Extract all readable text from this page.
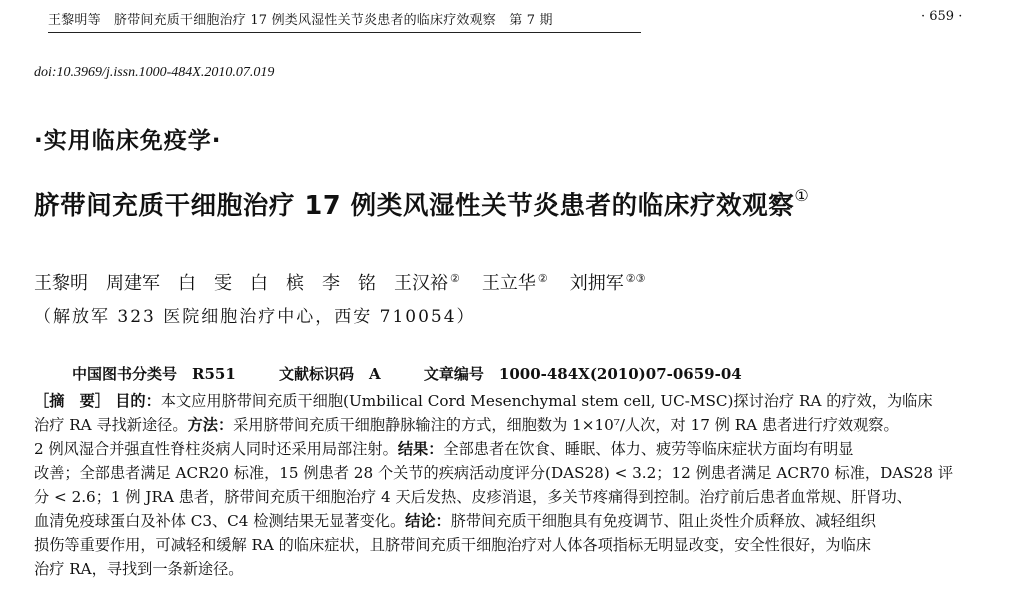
王黎明等　脐带间充质干细胞治疗 17 例类风湿性关节炎患者的临床疗效观察　第 7 期	· 659 ·
doi:10.3969/j.issn.1000-484X.2010.07.019
·实用临床免疫学·
脐带间充质干细胞治疗 17 例类风湿性关节炎患者的临床疗效观察①
王黎明 周建军 白　雯 白　槟 李　铭 王汉裕 ② 王立华 ② 刘拥军 ②③
（解放军 323 医院细胞治疗中心，西安 710054）
中国图书分类号　R551	文献标识码　A	文章编号　1000-484X(2010)07-0659-04
［摘　要］ 目的：本文应用脐带间充质干细胞(Umbilical Cord Mesenchymal stem cell, UC-MSC)探讨治疗 RA 的疗效，为临床
治疗 RA 寻找新途径。方法：采用脐带间充质干细胞静脉输注的方式，细胞数为 1×10⁷/人次，对 17 例 RA 患者进行疗效观察。
2 例风湿合并强直性脊柱炎病人同时还采用局部注射。结果：全部患者在饮食、睡眠、体力、疲劳等临床症状方面均有明显
改善；全部患者满足 ACR20 标准，15 例患者 28 个关节的疾病活动度评分(DAS28) < 3.2；12 例患者满足 ACR70 标准，DAS28 评
分 < 2.6；1 例 JRA 患者，脐带间充质干细胞治疗 4 天后发热、皮疹消退，多关节疼痛得到控制。治疗前后患者血常规、肝肾功、
血清免疫球蛋白及补体 C3、C4 检测结果无显著变化。结论：脐带间充质干细胞具有免疫调节、阻止炎性介质释放、减轻组织
损伤等重要作用，可减轻和缓解 RA 的临床症状，且脐带间充质干细胞治疗对人体各项指标无明显改变，安全性很好，为临床
治疗 RA，寻找到一条新途径。
